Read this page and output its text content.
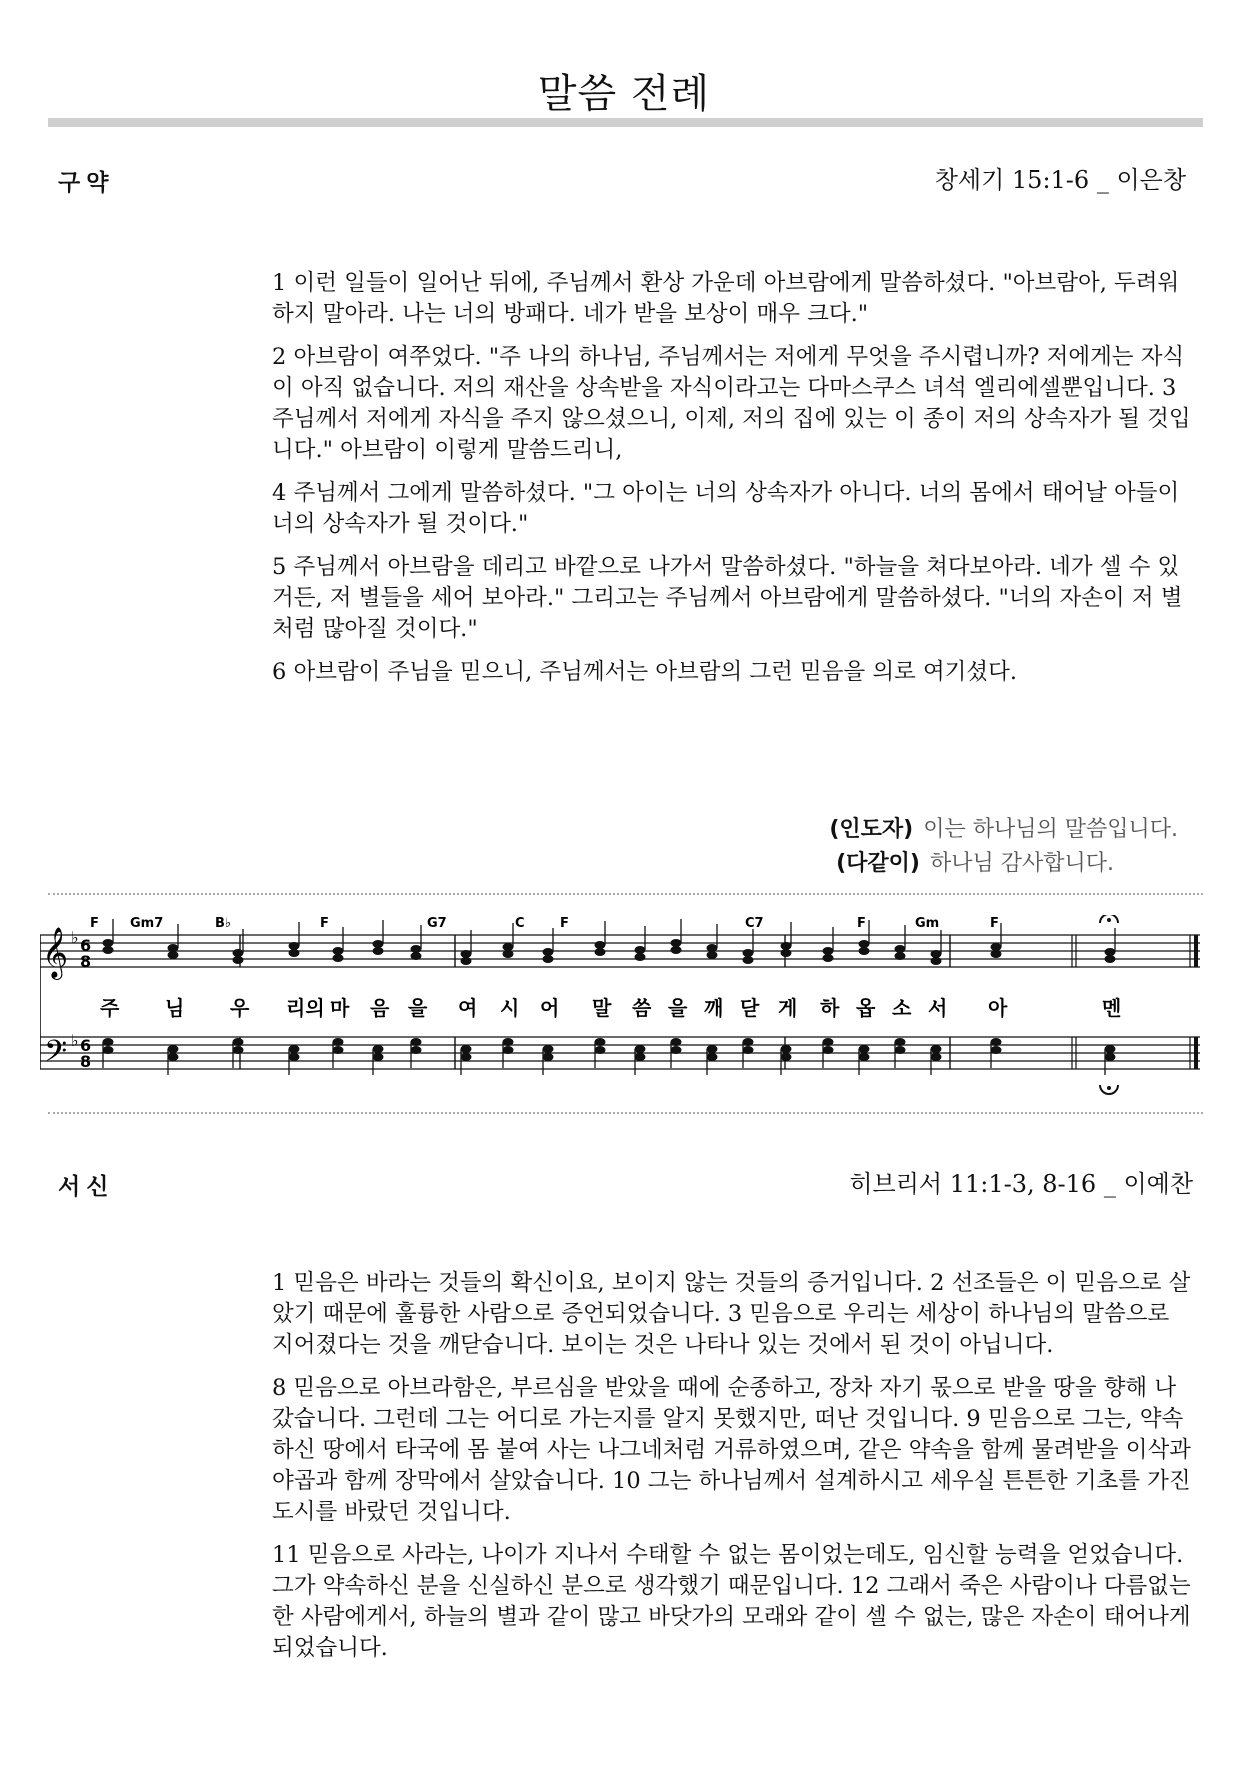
말씀 전례
구약	창세기 15:1-6 _ 이은창

1 이런 일들이 일어난 뒤에, 주님께서 환상 가운데 아브람에게 말씀하셨다. "아브람아, 두려워하지 말아라. 나는 너의 방패다. 네가 받을 보상이 매우 크다."

2 아브람이 여쭈었다. "주 나의 하나님, 주님께서는 저에게 무엇을 주시렵니까? 저에게는 자식이 아직 없습니다. 저의 재산을 상속받을 자식이라고는 다마스쿠스 녀석 엘리에셀뿐입니다. 3 주님께서 저에게 자식을 주지 않으셨으니, 이제, 저의 집에 있는 이 종이 저의 상속자가 될 것입니다." 아브람이 이렇게 말씀드리니,

4 주님께서 그에게 말씀하셨다. "그 아이는 너의 상속자가 아니다. 너의 몸에서 태어날 아들이 너의 상속자가 될 것이다."

5 주님께서 아브람을 데리고 바깥으로 나가서 말씀하셨다. "하늘을 쳐다보아라. 네가 셀 수 있거든, 저 별들을 세어 보아라." 그리고는 주님께서 아브람에게 말씀하셨다. "너의 자손이 저 별처럼 많아질 것이다."

6 아브람이 주님을 믿으니, 주님께서는 아브람의 그런 믿음을 의로 여기셨다.

(인도자) 이는 하나님의 말씀입니다.
(다같이) 하나님 감사합니다.
𝄞
𝄢
♭
♭
6
8
6
8
F Gm7	B♭	F	G7	C	F	C7	F	Gm	F
주 님 우 리의 마 음 을 여 시 어 말 씀 을 깨 닫 게 하 옵 소 서 아	멘
서신	히브리서 11:1-3, 8-16 _ 이예찬

1 믿음은 바라는 것들의 확신이요, 보이지 않는 것들의 증거입니다. 2 선조들은 이 믿음으로 살았기 때문에 훌륭한 사람으로 증언되었습니다. 3 믿음으로 우리는 세상이 하나님의 말씀으로 지어졌다는 것을 깨닫습니다. 보이는 것은 나타나 있는 것에서 된 것이 아닙니다.

8 믿음으로 아브라함은, 부르심을 받았을 때에 순종하고, 장차 자기 몫으로 받을 땅을 향해 나갔습니다. 그런데 그는 어디로 가는지를 알지 못했지만, 떠난 것입니다. 9 믿음으로 그는, 약속하신 땅에서 타국에 몸 붙여 사는 나그네처럼 거류하였으며, 같은 약속을 함께 물려받을 이삭과 야곱과 함께 장막에서 살았습니다. 10 그는 하나님께서 설계하시고 세우실 튼튼한 기초를 가진 도시를 바랐던 것입니다.

11 믿음으로 사라는, 나이가 지나서 수태할 수 없는 몸이었는데도, 임신할 능력을 얻었습니다. 그가 약속하신 분을 신실하신 분으로 생각했기 때문입니다. 12 그래서 죽은 사람이나 다름없는 한 사람에게서, 하늘의 별과 같이 많고 바닷가의 모래와 같이 셀 수 없는, 많은 자손이 태어나게 되었습니다.
